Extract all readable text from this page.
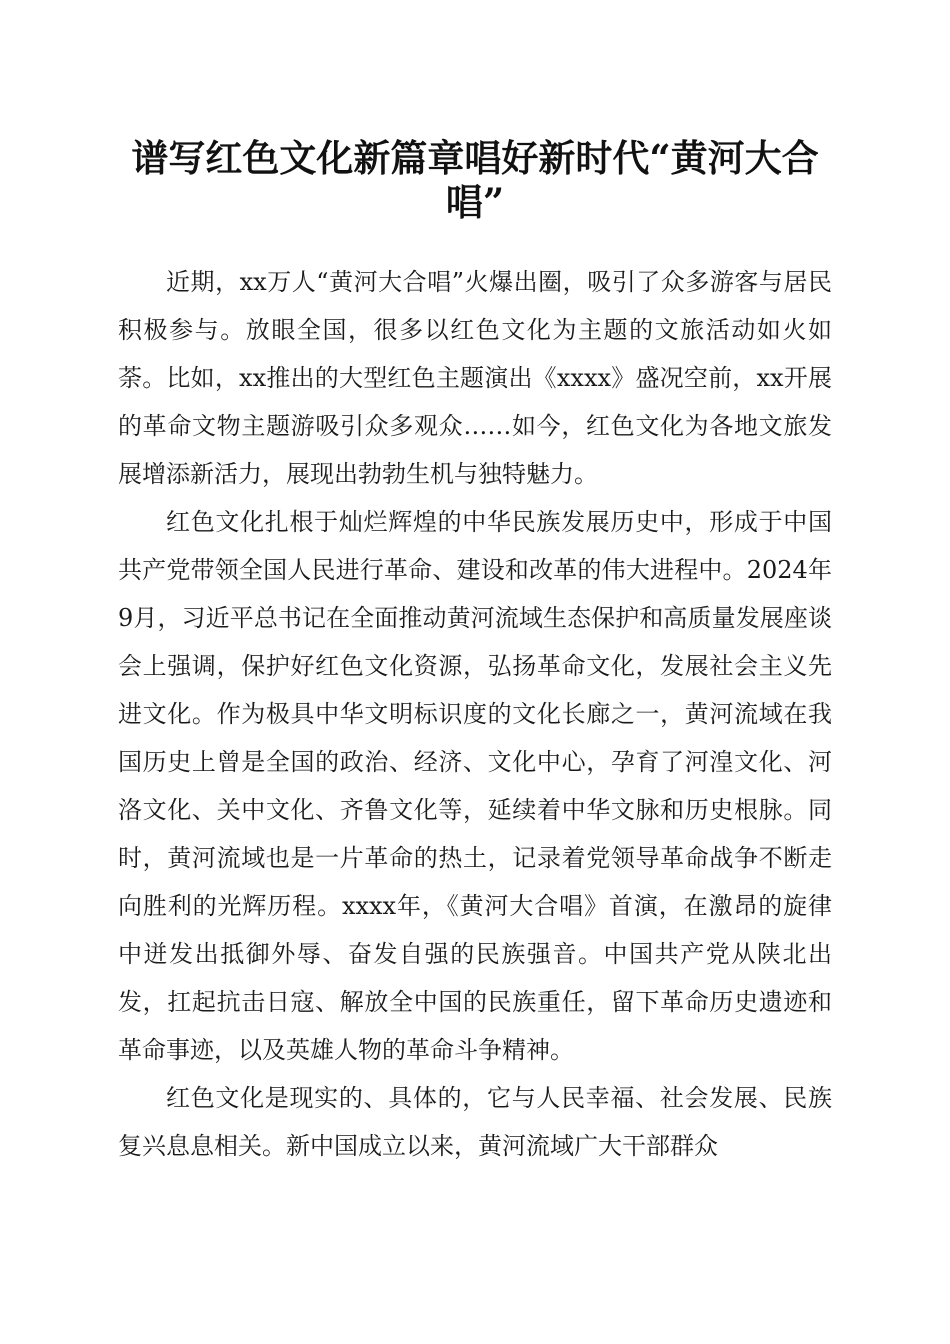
谱写红色文化新篇章唱好新时代“黄河大合唱”

近期，xx万人“黄河大合唱”火爆出圈，吸引了众多游客与居民积极参与。放眼全国，很多以红色文化为主题的文旅活动如火如荼。比如，xx推出的大型红色主题演出《xxxx》盛况空前，xx开展的革命文物主题游吸引众多观众……如今，红色文化为各地文旅发展增添新活力，展现出勃勃生机与独特魅力。

红色文化扎根于灿烂辉煌的中华民族发展历史中，形成于中国共产党带领全国人民进行革命、建设和改革的伟大进程中。2024年9月，习近平总书记在全面推动黄河流域生态保护和高质量发展座谈会上强调，保护好红色文化资源，弘扬革命文化，发展社会主义先进文化。作为极具中华文明标识度的文化长廊之一，黄河流域在我国历史上曾是全国的政治、经济、文化中心，孕育了河湟文化、河洛文化、关中文化、齐鲁文化等，延续着中华文脉和历史根脉。同时，黄河流域也是一片革命的热土，记录着党领导革命战争不断走向胜利的光辉历程。xxxx年，《黄河大合唱》首演，在激昂的旋律中迸发出抵御外辱、奋发自强的民族强音。中国共产党从陕北出发，扛起抗击日寇、解放全中国的民族重任，留下革命历史遗迹和革命事迹，以及英雄人物的革命斗争精神。

红色文化是现实的、具体的，它与人民幸福、社会发展、民族复兴息息相关。新中国成立以来，黄河流域广大干部群众
